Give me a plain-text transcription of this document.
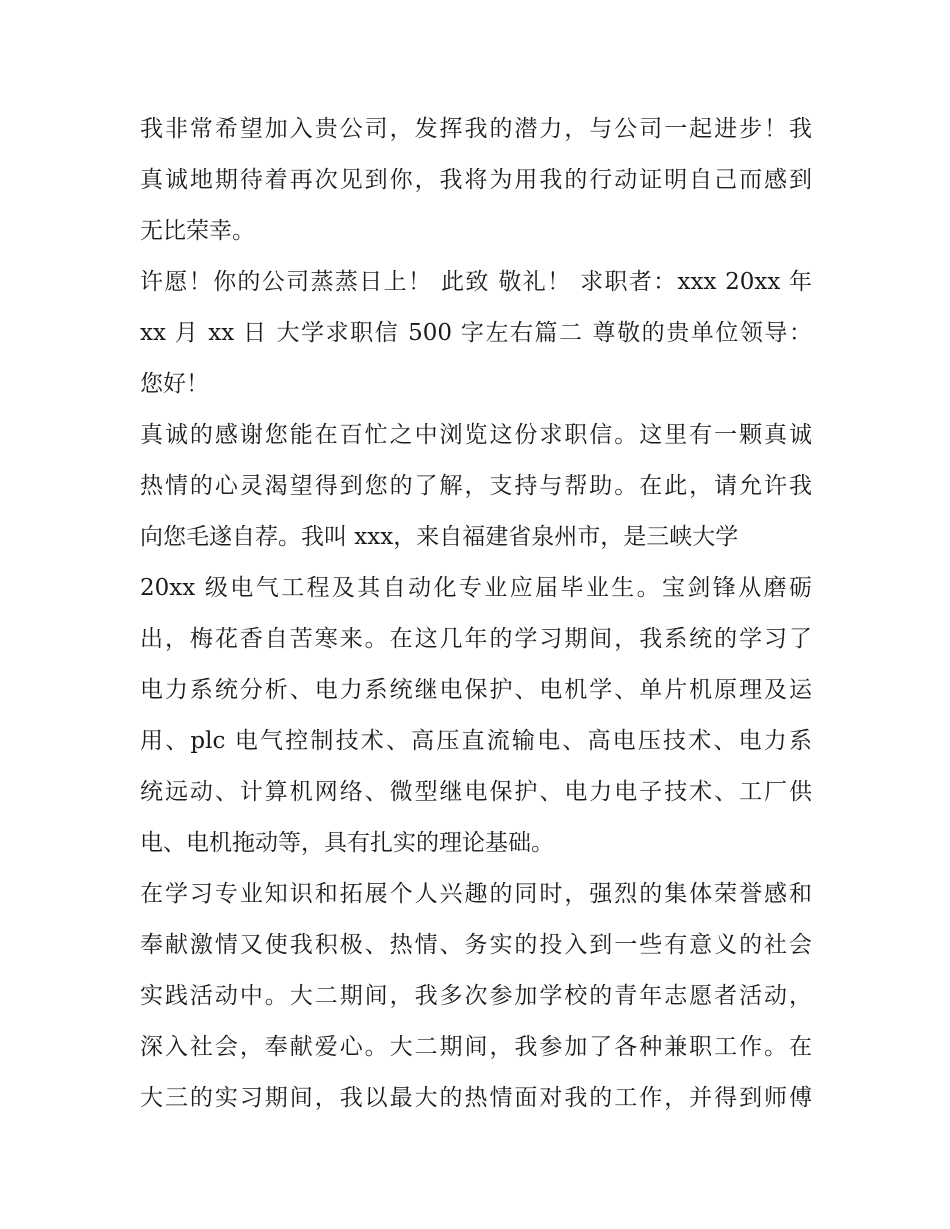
我非常希望加入贵公司，发挥我的潜力，与公司一起进步！我
真诚地期待着再次见到你，我将为用我的行动证明自己而感到
无比荣幸。
许愿！你的公司蒸蒸日上！ 此致 敬礼！ 求职者：xxx 20xx 年
xx 月 xx 日 大学求职信 500 字左右篇二 尊敬的贵单位领导：
您好！
真诚的感谢您能在百忙之中浏览这份求职信。这里有一颗真诚
热情的心灵渴望得到您的了解，支持与帮助。在此，请允许我
向您毛遂自荐。我叫 xxx，来自福建省泉州市，是三峡大学
20xx 级电气工程及其自动化专业应届毕业生。宝剑锋从磨砺
出，梅花香自苦寒来。在这几年的学习期间，我系统的学习了
电力系统分析、电力系统继电保护、电机学、单片机原理及运
用、plc 电气控制技术、高压直流输电、高电压技术、电力系
统远动、计算机网络、微型继电保护、电力电子技术、工厂供
电、电机拖动等，具有扎实的理论基础。
在学习专业知识和拓展个人兴趣的同时，强烈的集体荣誉感和
奉献激情又使我积极、热情、务实的投入到一些有意义的社会
实践活动中。大二期间，我多次参加学校的青年志愿者活动，
深入社会，奉献爱心。大二期间，我参加了各种兼职工作。在
大三的实习期间，我以最大的热情面对我的工作，并得到师傅
